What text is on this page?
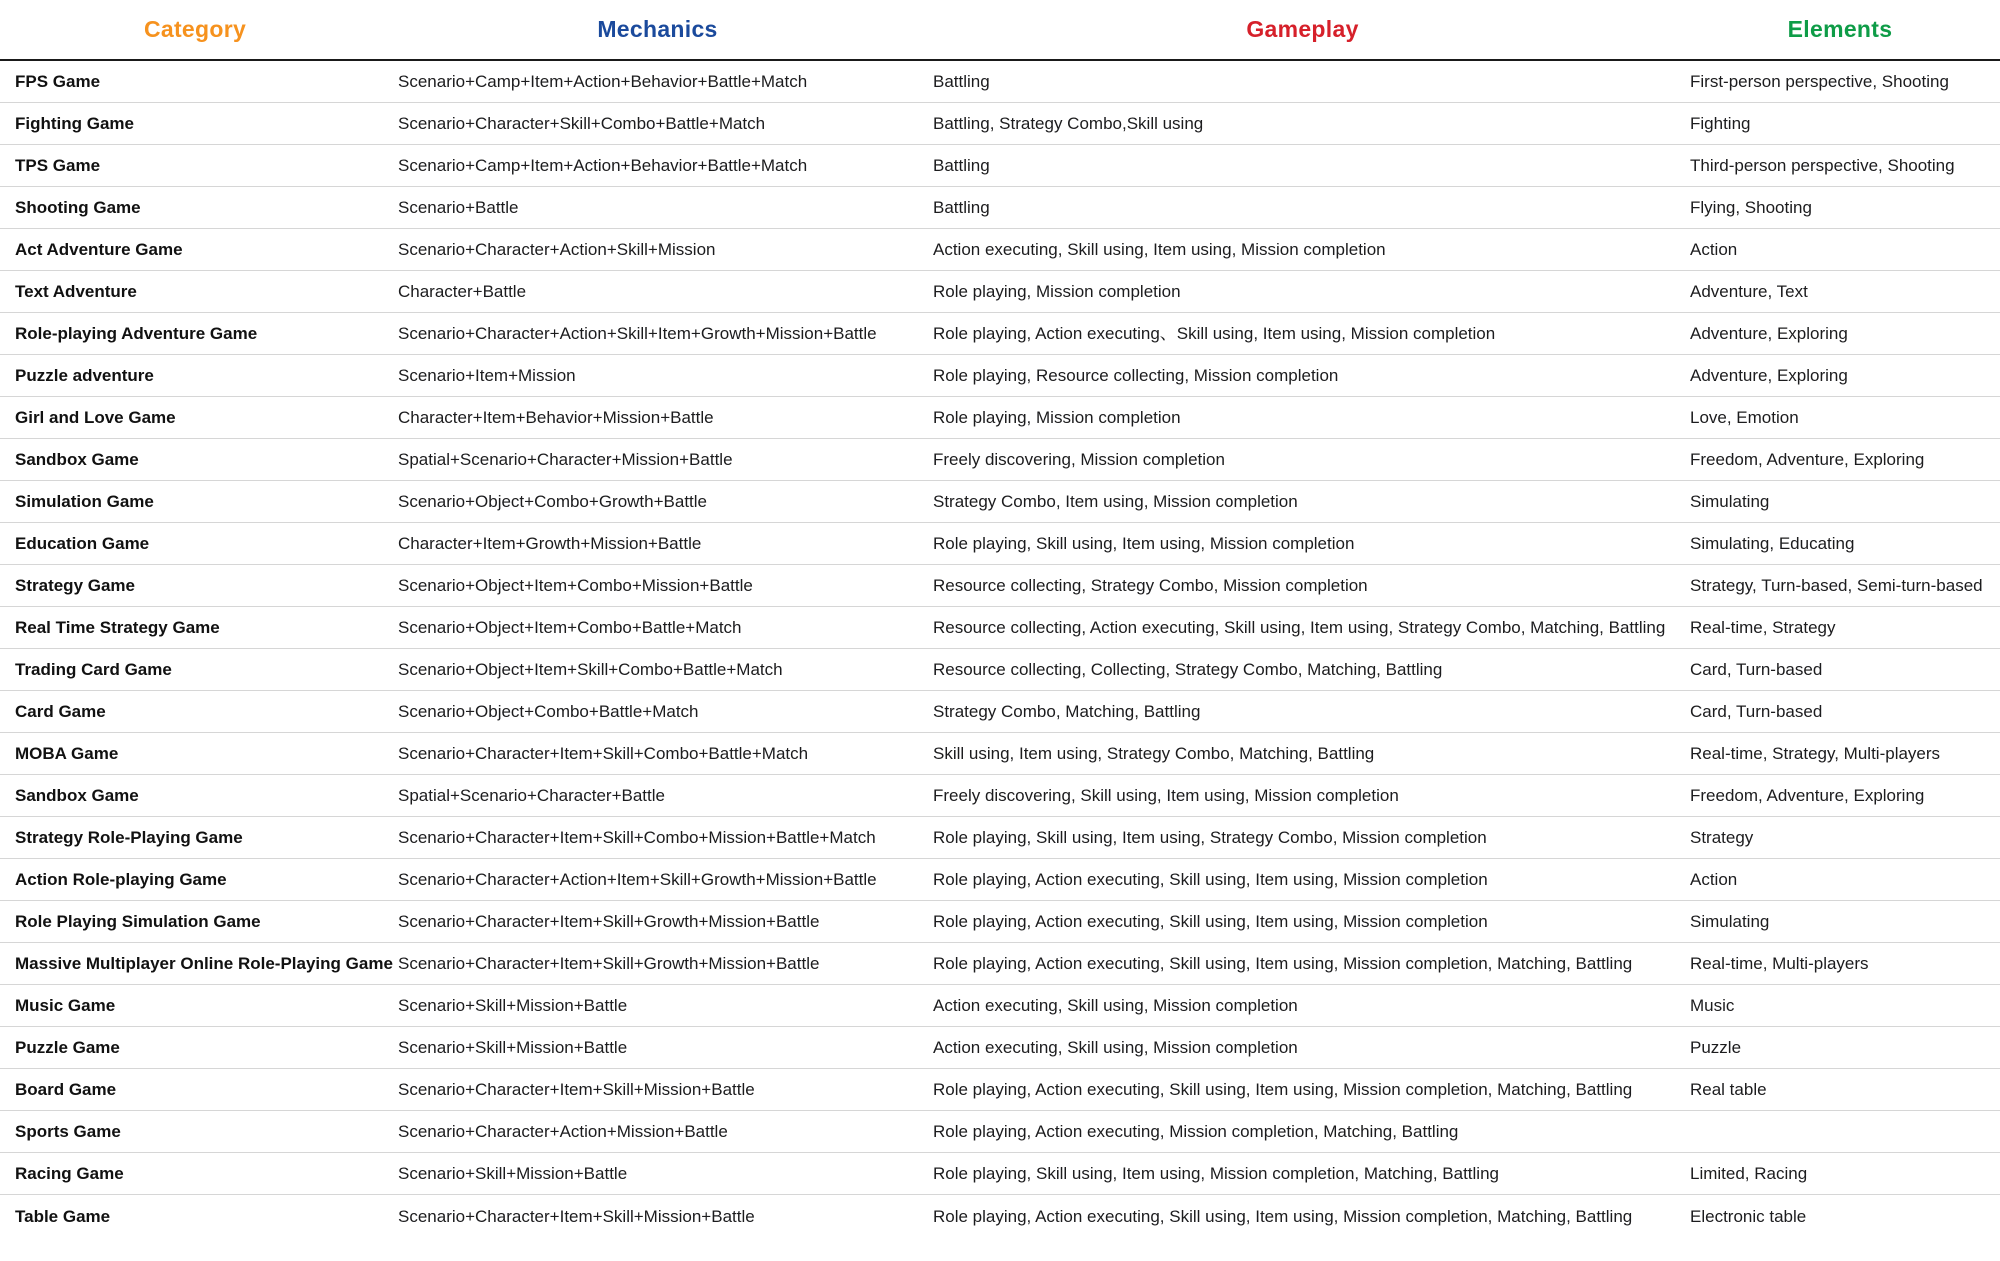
Category	Mechanics	Gameplay	Elements
FPS Game	Scenario+Camp+Item+Action+Behavior+Battle+Match	Battling	First-person perspective, Shooting
Fighting Game	Scenario+Character+Skill+Combo+Battle+Match	Battling, Strategy Combo,Skill using	Fighting
TPS Game	Scenario+Camp+Item+Action+Behavior+Battle+Match	Battling	Third-person perspective, Shooting
Shooting Game	Scenario+Battle	Battling	Flying, Shooting
Act Adventure Game	Scenario+Character+Action+Skill+Mission	Action executing, Skill using, Item using, Mission completion	Action
Text Adventure	Character+Battle	Role playing, Mission completion	Adventure, Text
Role-playing Adventure Game	Scenario+Character+Action+Skill+Item+Growth+Mission+Battle	Role playing, Action executing、Skill using, Item using, Mission completion	Adventure, Exploring
Puzzle adventure	Scenario+Item+Mission	Role playing, Resource collecting, Mission completion	Adventure, Exploring
Girl and Love Game	Character+Item+Behavior+Mission+Battle	Role playing, Mission completion	Love, Emotion
Sandbox Game	Spatial+Scenario+Character+Mission+Battle	Freely discovering, Mission completion	Freedom, Adventure, Exploring
Simulation Game	Scenario+Object+Combo+Growth+Battle	Strategy Combo, Item using, Mission completion	Simulating
Education Game	Character+Item+Growth+Mission+Battle	Role playing, Skill using, Item using, Mission completion	Simulating, Educating
Strategy Game	Scenario+Object+Item+Combo+Mission+Battle	Resource collecting, Strategy Combo, Mission completion	Strategy, Turn-based, Semi-turn-based
Real Time Strategy Game	Scenario+Object+Item+Combo+Battle+Match	Resource collecting, Action executing, Skill using, Item using, Strategy Combo, Matching, Battling	Real-time, Strategy
Trading Card Game	Scenario+Object+Item+Skill+Combo+Battle+Match	Resource collecting, Collecting, Strategy Combo, Matching, Battling	Card, Turn-based
Card Game	Scenario+Object+Combo+Battle+Match	Strategy Combo, Matching, Battling	Card, Turn-based
MOBA Game	Scenario+Character+Item+Skill+Combo+Battle+Match	Skill using, Item using, Strategy Combo, Matching, Battling	Real-time, Strategy, Multi-players
Sandbox Game	Spatial+Scenario+Character+Battle	Freely discovering, Skill using, Item using, Mission completion	Freedom, Adventure, Exploring
Strategy Role-Playing Game	Scenario+Character+Item+Skill+Combo+Mission+Battle+Match	Role playing, Skill using, Item using, Strategy Combo, Mission completion	Strategy
Action Role-playing Game	Scenario+Character+Action+Item+Skill+Growth+Mission+Battle	Role playing, Action executing, Skill using, Item using, Mission completion	Action
Role Playing Simulation Game	Scenario+Character+Item+Skill+Growth+Mission+Battle	Role playing, Action executing, Skill using, Item using, Mission completion	Simulating
Massive Multiplayer Online Role-Playing Game Scenario+Character+Item+Skill+Growth+Mission+Battle	Role playing, Action executing, Skill using, Item using, Mission completion, Matching, Battling	Real-time, Multi-players
Music Game	Scenario+Skill+Mission+Battle	Action executing, Skill using, Mission completion	Music
Puzzle Game	Scenario+Skill+Mission+Battle	Action executing, Skill using, Mission completion	Puzzle
Board Game	Scenario+Character+Item+Skill+Mission+Battle	Role playing, Action executing, Skill using, Item using, Mission completion, Matching, Battling	Real table
Sports Game	Scenario+Character+Action+Mission+Battle	Role playing, Action executing, Mission completion, Matching, Battling
Racing Game	Scenario+Skill+Mission+Battle	Role playing, Skill using, Item using, Mission completion, Matching, Battling	Limited, Racing
Table Game	Scenario+Character+Item+Skill+Mission+Battle	Role playing, Action executing, Skill using, Item using, Mission completion, Matching, Battling	Electronic table
